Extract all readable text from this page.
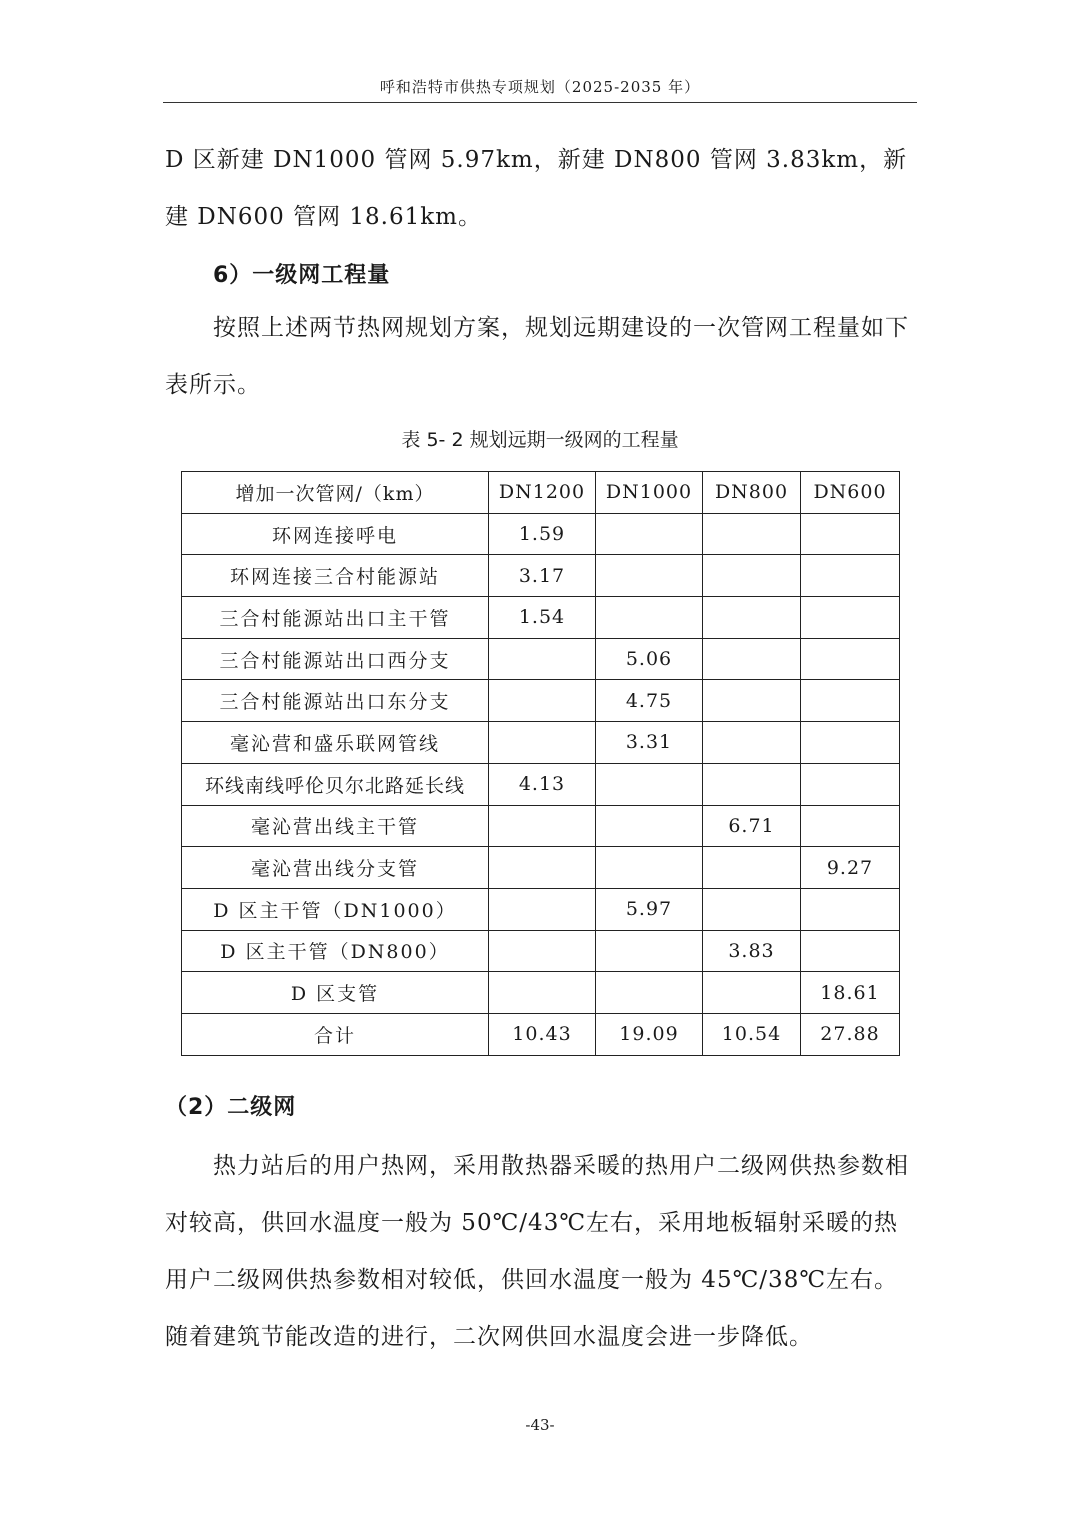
呼和浩特市供热专项规划（2025-2035 年）

D 区新建 DN1000 管网 5.97km，新建 DN800 管网 3.83km，新建 DN600 管网 18.61km。

6）一级网工程量

按照上述两节热网规划方案，规划远期建设的一次管网工程量如下表所示。

表 5- 2 规划远期一级网的工程量
增加一次管网/（km）	DN1200	DN1000	DN800	DN600
环网连接呼电	1.59			
环网连接三合村能源站	3.17			
三合村能源站出口主干管	1.54			
三合村能源站出口西分支		5.06		
三合村能源站出口东分支		4.75		
毫沁营和盛乐联网管线		3.31		
环线南线呼伦贝尔北路延长线	4.13			
毫沁营出线主干管			6.71	
毫沁营出线分支管				9.27
D 区主干管（DN1000）		5.97		
D 区主干管（DN800）			3.83	
D 区支管				18.61
合计	10.43	19.09	10.54	27.88
（2）二级网

热力站后的用户热网，采用散热器采暖的热用户二级网供热参数相对较高，供回水温度一般为 50℃/43℃左右，采用地板辐射采暖的热用户二级网供热参数相对较低，供回水温度一般为 45℃/38℃左右。随着建筑节能改造的进行，二次网供回水温度会进一步降低。

-43-
